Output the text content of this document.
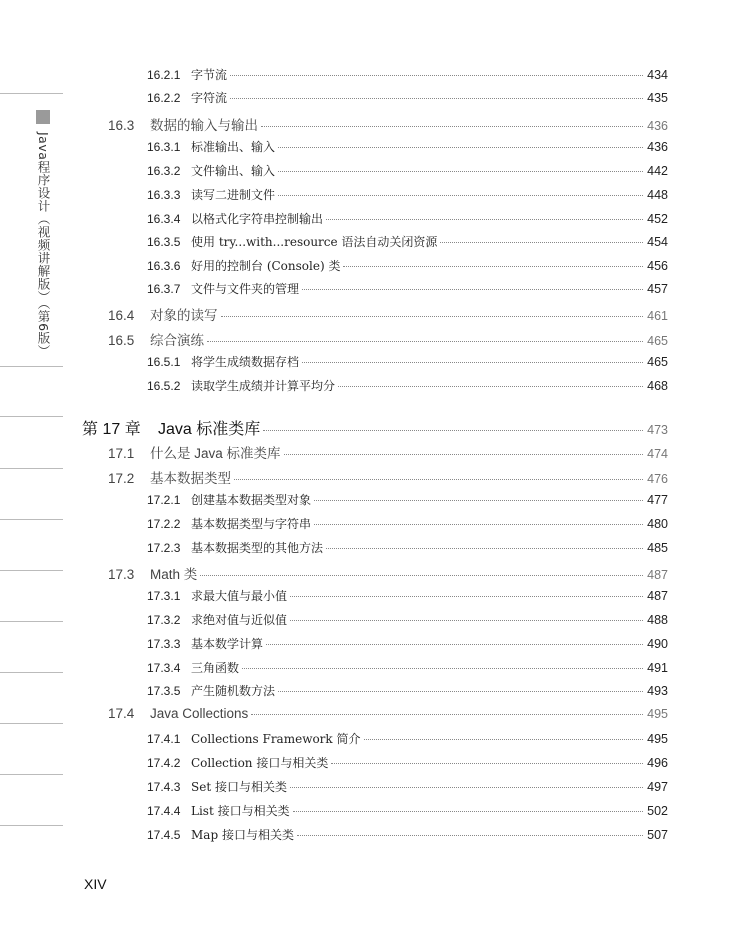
Java程序设计（视频讲解版）（第6版）
16.2.1 字节流	434
16.2.2 字符流	435
16.3	数据的输入与输出	436
16.3.1 标准输出、输入	436
16.3.2 文件输出、输入	442
16.3.3 读写二进制文件	448
16.3.4 以格式化字符串控制输出	452
16.3.5 使用 try...with...resource 语法自动关闭资源	454
16.3.6 好用的控制台 (Console) 类	456
16.3.7 文件与文件夹的管理	457
16.4	对象的读写	461
16.5	综合演练	465
16.5.1 将学生成绩数据存档	465
16.5.2 读取学生成绩并计算平均分	468
第 17 章	Java 标准类库	473
17.1	什么是 Java 标准类库	474
17.2	基本数据类型	476
17.2.1 创建基本数据类型对象	477
17.2.2 基本数据类型与字符串	480
17.2.3 基本数据类型的其他方法	485
17.3	Math 类	487
17.3.1 求最大值与最小值	487
17.3.2 求绝对值与近似值	488
17.3.3 基本数学计算	490
17.3.4 三角函数	491
17.3.5 产生随机数方法	493
17.4	Java Collections	495
17.4.1 Collections Framework 简介	495
17.4.2 Collection 接口与相关类	496
17.4.3 Set 接口与相关类	497
17.4.4 List 接口与相关类	502
17.4.5 Map 接口与相关类	507
XIV
